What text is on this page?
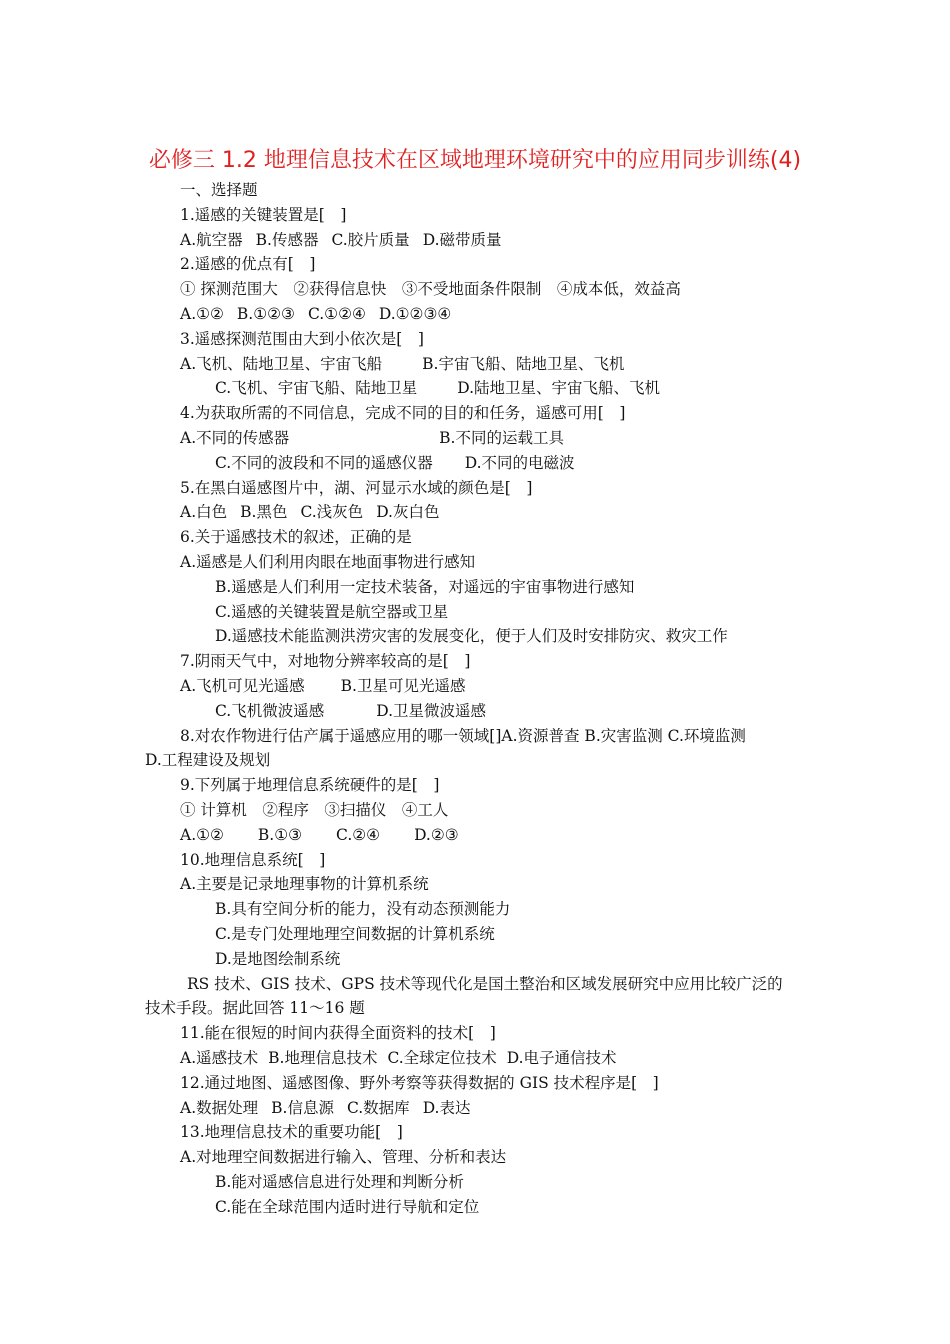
必修三 1.2 地理信息技术在区域地理环境研究中的应用同步训练(4)
一、选择题
1.遥感的关键装置是[　]
A.航空器 B.传感器 C.胶片质量 D.磁带质量
2.遥感的优点有[　]
① 探测范围大　②获得信息快　③不受地面条件限制　④成本低，效益高
A.①② B.①②③ C.①②④ D.①②③④
3.遥感探测范围由大到小依次是[　]
A.飞机、陆地卫星、宇宙飞船	B.宇宙飞船、陆地卫星、飞机
C.飞机、宇宙飞船、陆地卫星	D.陆地卫星、宇宙飞船、飞机
4.为获取所需的不同信息，完成不同的目的和任务，遥感可用[　]
A.不同的传感器	B.不同的运载工具
C.不同的波段和不同的遥感仪器 D.不同的电磁波
5.在黑白遥感图片中，湖、河显示水域的颜色是[　]
A.白色 B.黑色 C.浅灰色 D.灰白色
6.关于遥感技术的叙述，正确的是
A.遥感是人们利用肉眼在地面事物进行感知
B.遥感是人们利用一定技术装备，对遥远的宇宙事物进行感知
C.遥感的关键装置是航空器或卫星
D.遥感技术能监测洪涝灾害的发展变化，便于人们及时安排防灾、救灾工作
7.阴雨天气中，对地物分辨率较高的是[　]
A.飞机可见光遥感 B.卫星可见光遥感
C.飞机微波遥感	D.卫星微波遥感
8.对农作物进行估产属于遥感应用的哪一领域[]A.资源普查 B.灾害监测 C.环境监测
D.工程建设及规划
9.下列属于地理信息系统硬件的是[　]
① 计算机　②程序　③扫描仪　④工人
A.①② B.①③ C.②④ D.②③
10.地理信息系统[　]
A.主要是记录地理事物的计算机系统
B.具有空间分析的能力，没有动态预测能力
C.是专门处理地理空间数据的计算机系统
D.是地图绘制系统
RS 技术、GIS 技术、GPS 技术等现代化是国土整治和区域发展研究中应用比较广泛的
技术手段。据此回答 11～16 题
11.能在很短的时间内获得全面资料的技术[　]
A.遥感技术 B.地理信息技术 C.全球定位技术 D.电子通信技术
12.通过地图、遥感图像、野外考察等获得数据的 GIS 技术程序是[　]
A.数据处理 B.信息源 C.数据库 D.表达
13.地理信息技术的重要功能[　]
A.对地理空间数据进行输入、管理、分析和表达
B.能对遥感信息进行处理和判断分析
C.能在全球范围内适时进行导航和定位
